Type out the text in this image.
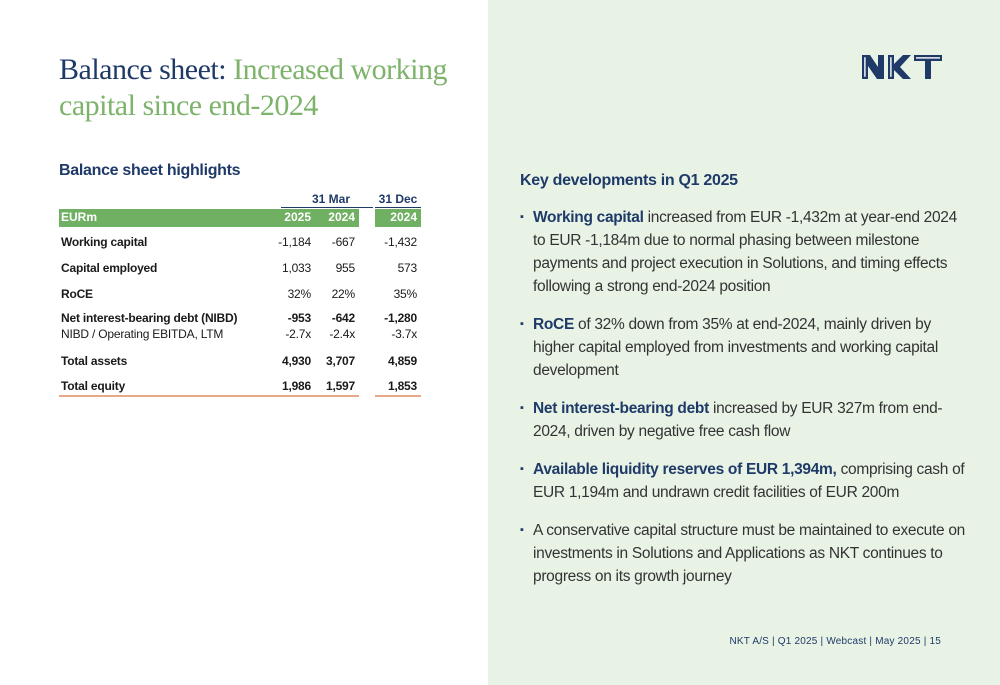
Balance sheet: Increased working capital since end-2024
Balance sheet highlights
31 Mar	31 Dec
EURm	2025 2024	2024
Working capital	-1,184	-667	-1,432
Capital employed	1,033	955	573
RoCE	32%	22%	35%
Net interest-bearing debt (NIBD)	-953	-642	-1,280
NIBD / Operating EBITDA, LTM	-2.7x	-2.4x	-3.7x
Total assets	4,930	3,707	4,859
Total equity	1,986	1,597	1,853
Key developments in Q1 2025
▪ Working capital increased from EUR -1,432m at year-end 2024 to EUR -1,184m due to normal phasing between milestone payments and project execution in Solutions, and timing effects following a strong end-2024 position
▪ RoCE of 32% down from 35% at end-2024, mainly driven by higher capital employed from investments and working capital development
▪ Net interest-bearing debt increased by EUR 327m from end-2024, driven by negative free cash flow
▪ Available liquidity reserves of EUR 1,394m, comprising cash of EUR 1,194m and undrawn credit facilities of EUR 200m
▪ A conservative capital structure must be maintained to execute on investments in Solutions and Applications as NKT continues to progress on its growth journey
NKT A/S | Q1 2025 | Webcast | May 2025 | 15
